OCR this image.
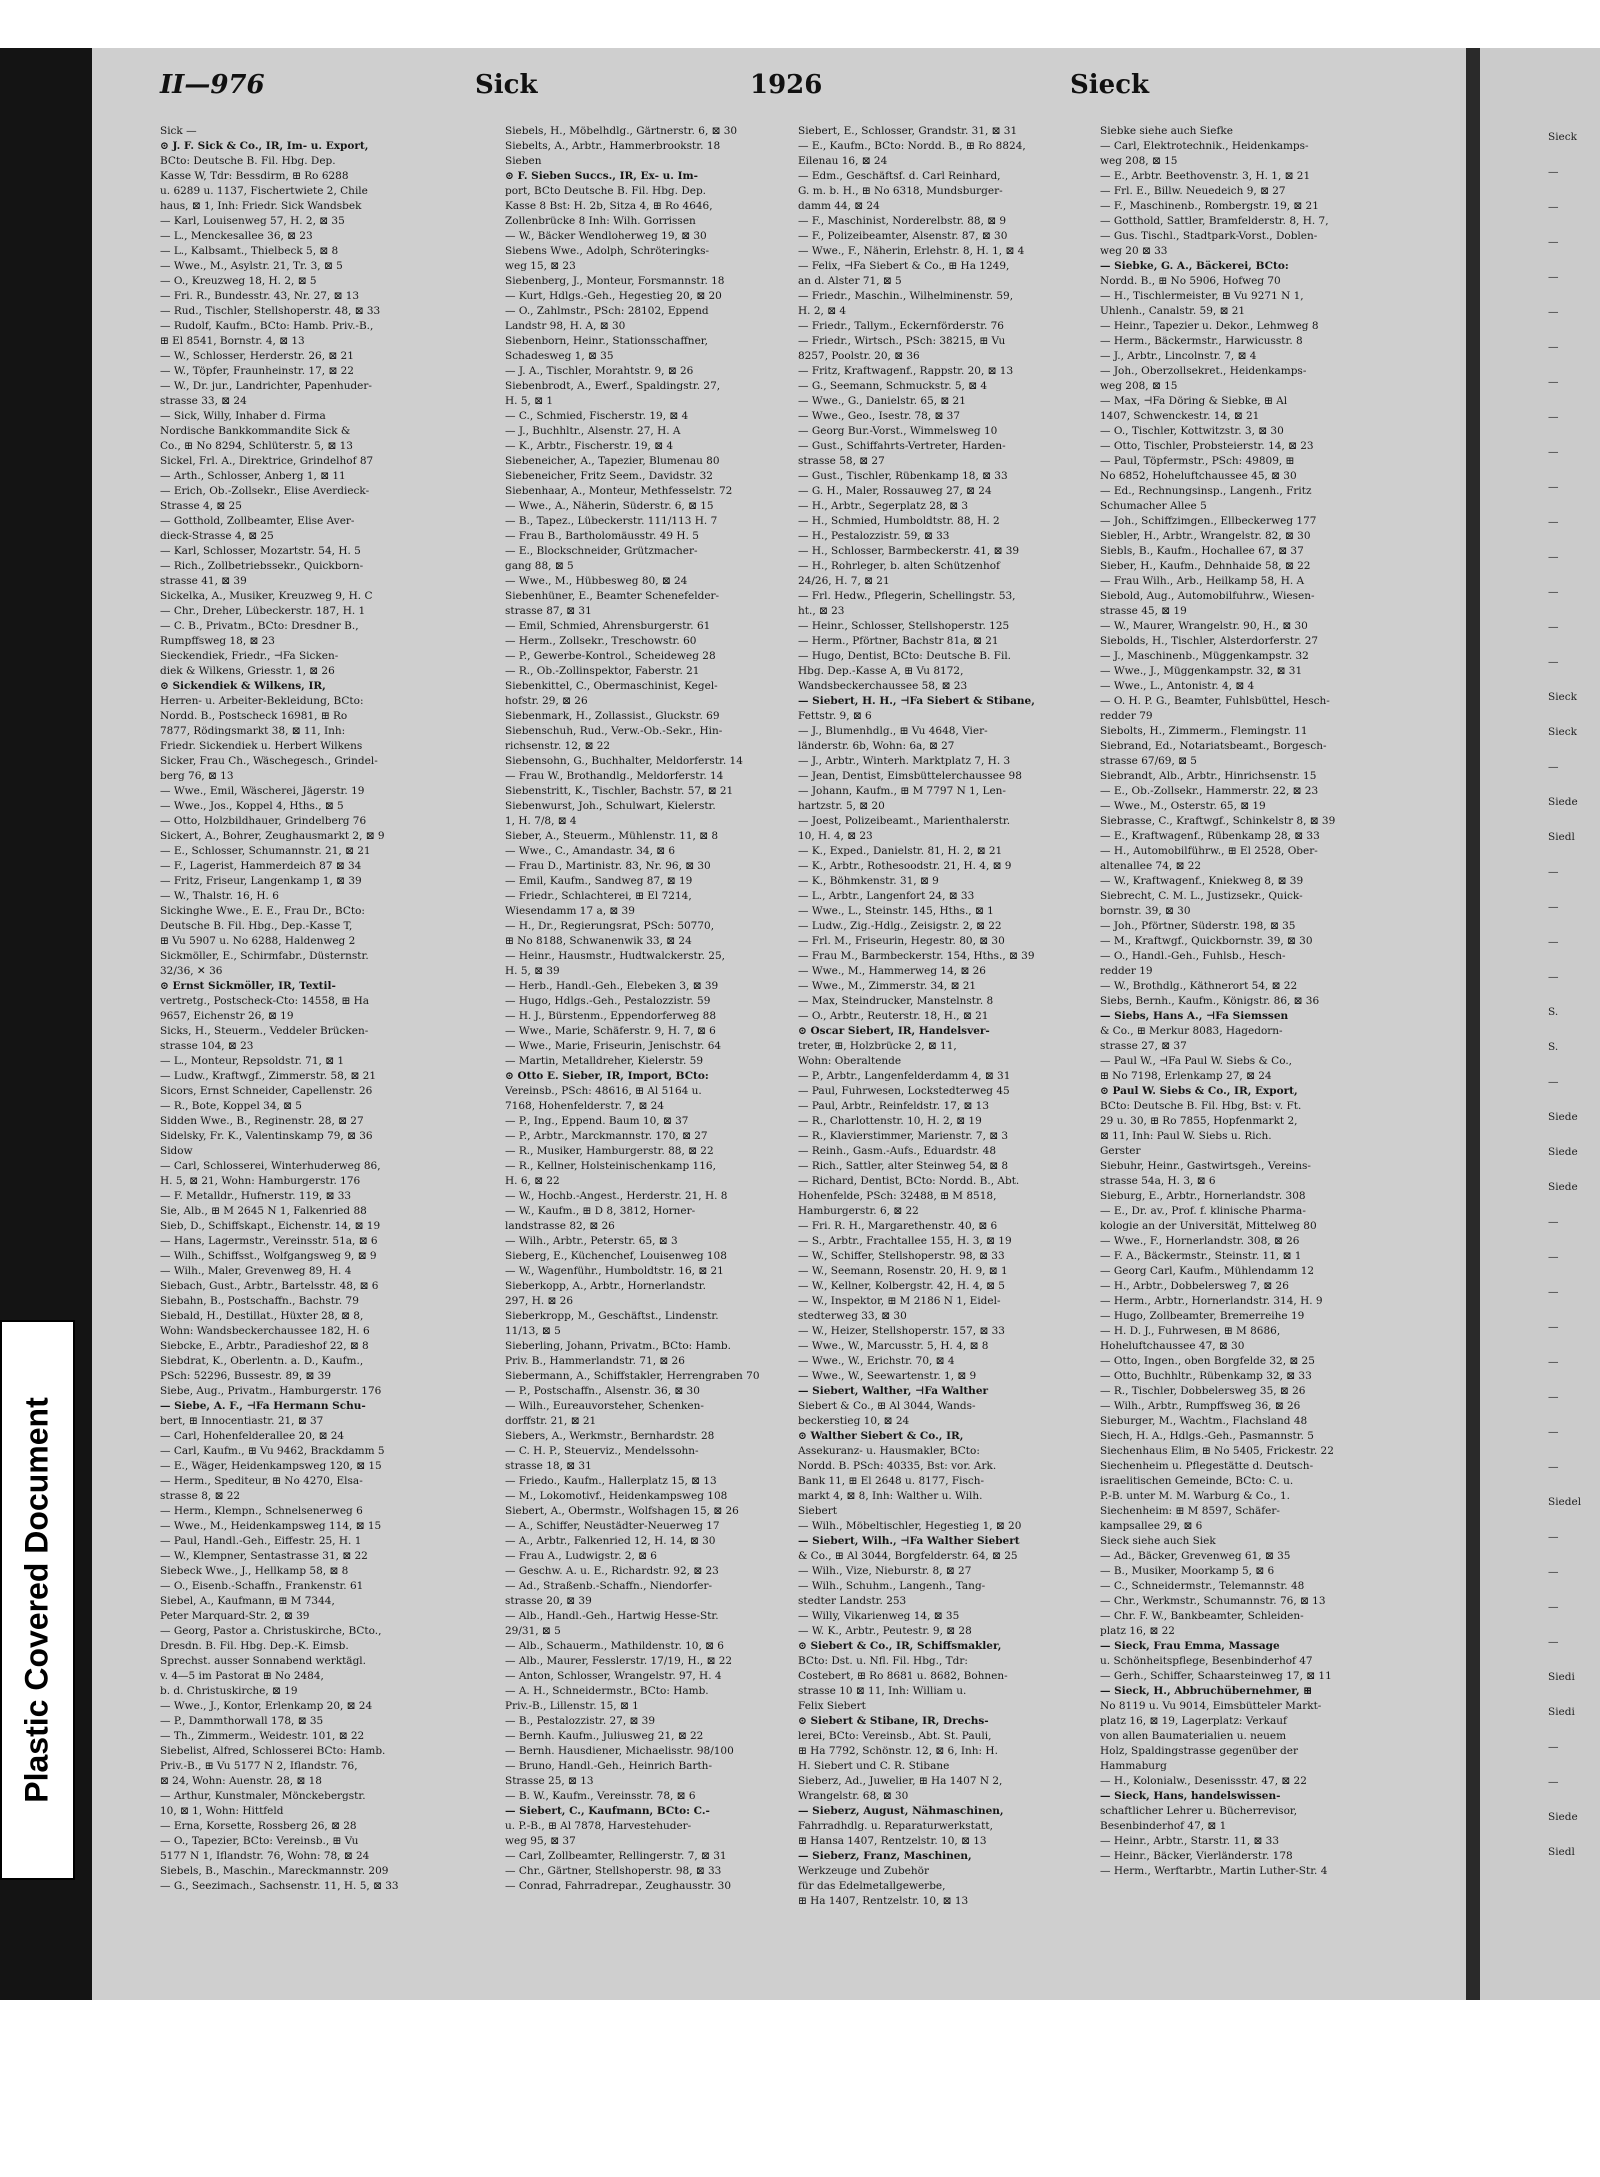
Plastic Covered Document
II—976	Sick	1926	Sieck
Sick —
⊙ J. F. Sick & Co., IR, Im- u. Export,
BCto: Deutsche B. Fil. Hbg. Dep.
Kasse W, Tdr: Bessdirm, ⊞ Ro 6288
u. 6289 u. 1137, Fischertwiete 2, Chile
haus, ⊠ 1, Inh: Friedr. Sick Wandsbek
— Karl, Louisenweg 57, H. 2, ⊠ 35
— L., Menckesallee 36, ⊠ 23
— L., Kalbsamt., Thielbeck 5, ⊠ 8
— Wwe., M., Asylstr. 21, Tr. 3, ⊠ 5
— O., Kreuzweg 18, H. 2, ⊠ 5
— Fri. R., Bundesstr. 43, Nr. 27, ⊠ 13
— Rud., Tischler, Stellshoperstr. 48, ⊠ 33
— Rudolf, Kaufm., BCto: Hamb. Priv.-B.,
⊞ El 8541, Bornstr. 4, ⊠ 13
— W., Schlosser, Herderstr. 26, ⊠ 21
— W., Töpfer, Fraunheinstr. 17, ⊠ 22
— W., Dr. jur., Landrichter, Papenhuder-
strasse 33, ⊠ 24
— Sick, Willy, Inhaber d. Firma
Nordische Bankkommandite Sick &
Co., ⊞ No 8294, Schlüterstr. 5, ⊠ 13
Sickel, Frl. A., Direktrice, Grindelhof 87
— Arth., Schlosser, Anberg 1, ⊠ 11
— Erich, Ob.-Zollsekr., Elise Averdieck-
Strasse 4, ⊠ 25
— Gotthold, Zollbeamter, Elise Aver-
dieck-Strasse 4, ⊠ 25
— Karl, Schlosser, Mozartstr. 54, H. 5
— Rich., Zollbetriebssekr., Quickborn-
strasse 41, ⊠ 39
Sickelka, A., Musiker, Kreuzweg 9, H. C
— Chr., Dreher, Lübeckerstr. 187, H. 1
— C. B., Privatm., BCto: Dresdner B.,
Rumpffsweg 18, ⊠ 23
Sieckendiek, Friedr., ⊣Fa Sicken-
diek & Wilkens, Griesstr. 1, ⊠ 26
⊙ Sickendiek & Wilkens, IR,
Herren- u. Arbeiter-Bekleidung, BCto:
Nordd. B., Postscheck 16981, ⊞ Ro
7877, Rödingsmarkt 38, ⊠ 11, Inh:
Friedr. Sickendiek u. Herbert Wilkens
Sicker, Frau Ch., Wäschegesch., Grindel-
berg 76, ⊠ 13
— Wwe., Emil, Wäscherei, Jägerstr. 19
— Wwe., Jos., Koppel 4, Hths., ⊠ 5
— Otto, Holzbildhauer, Grindelberg 76
Sickert, A., Bohrer, Zeughausmarkt 2, ⊠ 9
— E., Schlosser, Schumannstr. 21, ⊠ 21
— F., Lagerist, Hammerdeich 87 ⊠ 34
— Fritz, Friseur, Langenkamp 1, ⊠ 39
— W., Thalstr. 16, H. 6
Sickinghe Wwe., E. E., Frau Dr., BCto:
Deutsche B. Fil. Hbg., Dep.-Kasse T,
⊞ Vu 5907 u. No 6288, Haldenweg 2
Sickmöller, E., Schirmfabr., Düsternstr.
32/36, ✕ 36
⊙ Ernst Sickmöller, IR, Textil-
vertretg., Postscheck-Cto: 14558, ⊞ Ha
9657, Eichenstr 26, ⊠ 19
Sicks, H., Steuerm., Veddeler Brücken-
strasse 104, ⊠ 23
— L., Monteur, Repsoldstr. 71, ⊠ 1
— Ludw., Kraftwgf., Zimmerstr. 58, ⊠ 21
Sicors, Ernst Schneider, Capellenstr. 26
— R., Bote, Koppel 34, ⊠ 5
Sidden Wwe., B., Reginenstr. 28, ⊠ 27
Sidelsky, Fr. K., Valentinskamp 79, ⊠ 36
Sidow
— Carl, Schlosserei, Winterhuderweg 86,
H. 5, ⊠ 21, Wohn: Hamburgerstr. 176
— F. Metalldr., Hufnerstr. 119, ⊠ 33
Sie, Alb., ⊞ M 2645 N 1, Falkenried 88
Sieb, D., Schiffskapt., Eichenstr. 14, ⊠ 19
— Hans, Lagermstr., Vereinsstr. 51a, ⊠ 6
— Wilh., Schiffsst., Wolfgangsweg 9, ⊠ 9
— Wilh., Maler, Grevenweg 89, H. 4
Siebach, Gust., Arbtr., Bartelsstr. 48, ⊠ 6
Siebahn, B., Postschaffn., Bachstr. 79
Siebald, H., Destillat., Hüxter 28, ⊠ 8,
Wohn: Wandsbeckerchaussee 182, H. 6
Siebcke, E., Arbtr., Paradieshof 22, ⊠ 8
Siebdrat, K., Oberlentn. a. D., Kaufm.,
PSch: 52296, Bussestr. 89, ⊠ 39
Siebe, Aug., Privatm., Hamburgerstr. 176
— Siebe, A. F., ⊣Fa Hermann Schu-
bert, ⊞ Innocentiastr. 21, ⊠ 37
— Carl, Hohenfelderallee 20, ⊠ 24
— Carl, Kaufm., ⊞ Vu 9462, Brackdamm 5
— E., Wäger, Heidenkampsweg 120, ⊠ 15
— Herm., Spediteur, ⊞ No 4270, Elsa-
strasse 8, ⊠ 22
— Herm., Klempn., Schnelsenerweg 6
— Wwe., M., Heidenkampsweg 114, ⊠ 15
— Paul, Handl.-Geh., Eiffestr. 25, H. 1
— W., Klempner, Sentastrasse 31, ⊠ 22
Siebeck Wwe., J., Hellkamp 58, ⊠ 8
— O., Eisenb.-Schaffn., Frankenstr. 61
Siebel, A., Kaufmann, ⊞ M 7344,
Peter Marquard-Str. 2, ⊠ 39
— Georg, Pastor a. Christuskirche, BCto.,
Dresdn. B. Fil. Hbg. Dep.-K. Eimsb.
Sprechst. ausser Sonnabend werktägl.
v. 4—5 im Pastorat ⊞ No 2484,
b. d. Christuskirche, ⊠ 19
— Wwe., J., Kontor, Erlenkamp 20, ⊠ 24
— P., Dammthorwall 178, ⊠ 35
— Th., Zimmerm., Weidestr. 101, ⊠ 22
Siebelist, Alfred, Schlosserei BCto: Hamb.
Priv.-B., ⊞ Vu 5177 N 2, Iflandstr. 76,
⊠ 24, Wohn: Auenstr. 28, ⊠ 18
— Arthur, Kunstmaler, Mönckebergstr.
10, ⊠ 1, Wohn: Hittfeld
— Erna, Korsette, Rossberg 26, ⊠ 28
— O., Tapezier, BCto: Vereinsb., ⊞ Vu
5177 N 1, Iflandstr. 76, Wohn: 78, ⊠ 24
Siebels, B., Maschin., Mareckmannstr. 209
— G., Seezimach., Sachsenstr. 11, H. 5, ⊠ 33
Siebels, H., Möbelhdlg., Gärtnerstr. 6, ⊠ 30
Siebelts, A., Arbtr., Hammerbrookstr. 18
Sieben
⊙ F. Sieben Succs., IR, Ex- u. Im-
port, BCto Deutsche B. Fil. Hbg. Dep.
Kasse 8 Bst: H. 2b, Sitza 4, ⊞ Ro 4646,
Zollenbrücke 8 Inh: Wilh. Gorrissen
— W., Bäcker Wendloherweg 19, ⊠ 30
Siebens Wwe., Adolph, Schröteringks-
weg 15, ⊠ 23
Siebenberg, J., Monteur, Forsmannstr. 18
— Kurt, Hdlgs.-Geh., Hegestieg 20, ⊠ 20
— O., Zahlmstr., PSch: 28102, Eppend
Landstr 98, H. A, ⊠ 30
Siebenborn, Heinr., Stationsschaffner,
Schadesweg 1, ⊠ 35
— J. A., Tischler, Morahtstr. 9, ⊠ 26
Siebenbrodt, A., Ewerf., Spaldingstr. 27,
H. 5, ⊠ 1
— C., Schmied, Fischerstr. 19, ⊠ 4
— J., Buchhltr., Alsenstr. 27, H. A
— K., Arbtr., Fischerstr. 19, ⊠ 4
Siebeneicher, A., Tapezier, Blumenau 80
Siebeneicher, Fritz Seem., Davidstr. 32
Siebenhaar, A., Monteur, Methfesselstr. 72
— Wwe., A., Näherin, Süderstr. 6, ⊠ 15
— B., Tapez., Lübeckerstr. 111/113 H. 7
— Frau B., Bartholomäusstr. 49 H. 5
— E., Blockschneider, Grützmacher-
gang 88, ⊠ 5
— Wwe., M., Hübbesweg 80, ⊠ 24
Siebenhüner, E., Beamter Schenefelder-
strasse 87, ⊠ 31
— Emil, Schmied, Ahrensburgerstr. 61
— Herm., Zollsekr., Treschowstr. 60
— P., Gewerbe-Kontrol., Scheideweg 28
— R., Ob.-Zollinspektor, Faberstr. 21
Siebenkittel, C., Obermaschinist, Kegel-
hofstr. 29, ⊠ 26
Siebenmark, H., Zollassist., Gluckstr. 69
Siebenschuh, Rud., Verw.-Ob.-Sekr., Hin-
richsenstr. 12, ⊠ 22
Siebensohn, G., Buchhalter, Meldorferstr. 14
— Frau W., Brothandlg., Meldorferstr. 14
Siebenstritt, K., Tischler, Bachstr. 57, ⊠ 21
Siebenwurst, Joh., Schulwart, Kielerstr.
1, H. 7/8, ⊠ 4
Sieber, A., Steuerm., Mühlenstr. 11, ⊠ 8
— Wwe., C., Amandastr. 34, ⊠ 6
— Frau D., Martinistr. 83, Nr. 96, ⊠ 30
— Emil, Kaufm., Sandweg 87, ⊠ 19
— Friedr., Schlachterei, ⊞ El 7214,
Wiesendamm 17 a, ⊠ 39
— H., Dr., Regierungsrat, PSch: 50770,
⊞ No 8188, Schwanenwik 33, ⊠ 24
— Heinr., Hausmstr., Hudtwalckerstr. 25,
H. 5, ⊠ 39
— Herb., Handl.-Geh., Elebeken 3, ⊠ 39
— Hugo, Hdlgs.-Geh., Pestalozzistr. 59
— H. J., Bürstenm., Eppendorferweg 88
— Wwe., Marie, Schäferstr. 9, H. 7, ⊠ 6
— Wwe., Marie, Friseurin, Jenischstr. 64
— Martin, Metalldreher, Kielerstr. 59
⊙ Otto E. Sieber, IR, Import, BCto:
Vereinsb., PSch: 48616, ⊞ Al 5164 u.
7168, Hohenfelderstr. 7, ⊠ 24
— P., Ing., Eppend. Baum 10, ⊠ 37
— P., Arbtr., Marckmannstr. 170, ⊠ 27
— R., Musiker, Hamburgerstr. 88, ⊠ 22
— R., Kellner, Holsteinischenkamp 116,
H. 6, ⊠ 22
— W., Hochb.-Angest., Herderstr. 21, H. 8
— W., Kaufm., ⊞ D 8, 3812, Horner-
landstrasse 82, ⊠ 26
— Wilh., Arbtr., Peterstr. 65, ⊠ 3
Sieberg, E., Küchenchef, Louisenweg 108
— W., Wagenführ., Humboldtstr. 16, ⊠ 21
Sieberkopp, A., Arbtr., Hornerlandstr.
297, H. ⊠ 26
Sieberkropp, M., Geschäftst., Lindenstr.
11/13, ⊠ 5
Sieberling, Johann, Privatm., BCto: Hamb.
Priv. B., Hammerlandstr. 71, ⊠ 26
Siebermann, A., Schiffstakler, Herrengraben 70
— P., Postschaffn., Alsenstr. 36, ⊠ 30
— Wilh., Eureauvorsteher, Schenken-
dorffstr. 21, ⊠ 21
Siebers, A., Werkmstr., Bernhardstr. 28
— C. H. P., Steuerviz., Mendelssohn-
strasse 18, ⊠ 31
— Friedo., Kaufm., Hallerplatz 15, ⊠ 13
— M., Lokomotivf., Heidenkampsweg 108
Siebert, A., Obermstr., Wolfshagen 15, ⊠ 26
— A., Schiffer, Neustädter-Neuerweg 17
— A., Arbtr., Falkenried 12, H. 14, ⊠ 30
— Frau A., Ludwigstr. 2, ⊠ 6
— Geschw. A. u. E., Richardstr. 92, ⊠ 23
— Ad., Straßenb.-Schaffn., Niendorfer-
strasse 20, ⊠ 39
— Alb., Handl.-Geh., Hartwig Hesse-Str.
29/31, ⊠ 5
— Alb., Schauerm., Mathildenstr. 10, ⊠ 6
— Alb., Maurer, Fesslerstr. 17/19, H., ⊠ 22
— Anton, Schlosser, Wrangelstr. 97, H. 4
— A. H., Schneidermstr., BCto: Hamb.
Priv.-B., Lillenstr. 15, ⊠ 1
— B., Pestalozzistr. 27, ⊠ 39
— Bernh. Kaufm., Juliusweg 21, ⊠ 22
— Bernh. Hausdiener, Michaelisstr. 98/100
— Bruno, Handl.-Geh., Heinrich Barth-
Strasse 25, ⊠ 13
— B. W., Kaufm., Vereinsstr. 78, ⊠ 6
— Siebert, C., Kaufmann, BCto: C.-
u. P.-B., ⊞ Al 7878, Harvestehuder-
weg 95, ⊠ 37
— Carl, Zollbeamter, Rellingerstr. 7, ⊠ 31
— Chr., Gärtner, Stellshoperstr. 98, ⊠ 33
— Conrad, Fahrradrepar., Zeughausstr. 30
Siebert, E., Schlosser, Grandstr. 31, ⊠ 31
— E., Kaufm., BCto: Nordd. B., ⊞ Ro 8824,
Eilenau 16, ⊠ 24
— Edm., Geschäftsf. d. Carl Reinhard,
G. m. b. H., ⊞ No 6318, Mundsburger-
damm 44, ⊠ 24
— F., Maschinist, Norderelbstr. 88, ⊠ 9
— F., Polizeibeamter, Alsenstr. 87, ⊠ 30
— Wwe., F., Näherin, Erlehstr. 8, H. 1, ⊠ 4
— Felix, ⊣Fa Siebert & Co., ⊞ Ha 1249,
an d. Alster 71, ⊠ 5
— Friedr., Maschin., Wilhelminenstr. 59,
H. 2, ⊠ 4
— Friedr., Tallym., Eckernförderstr. 76
— Friedr., Wirtsch., PSch: 38215, ⊞ Vu
8257, Poolstr. 20, ⊠ 36
— Fritz, Kraftwagenf., Rappstr. 20, ⊠ 13
— G., Seemann, Schmuckstr. 5, ⊠ 4
— Wwe., G., Danielstr. 65, ⊠ 21
— Wwe., Geo., Isestr. 78, ⊠ 37
— Georg Bur.-Vorst., Wimmelsweg 10
— Gust., Schiffahrts-Vertreter, Harden-
strasse 58, ⊠ 27
— Gust., Tischler, Rübenkamp 18, ⊠ 33
— G. H., Maler, Rossauweg 27, ⊠ 24
— H., Arbtr., Segerplatz 28, ⊠ 3
— H., Schmied, Humboldtstr. 88, H. 2
— H., Pestalozzistr. 59, ⊠ 33
— H., Schlosser, Barmbeckerstr. 41, ⊠ 39
— H., Rohrleger, b. alten Schützenhof
24/26, H. 7, ⊠ 21
— Frl. Hedw., Pflegerin, Schellingstr. 53,
ht., ⊠ 23
— Heinr., Schlosser, Stellshoperstr. 125
— Herm., Pförtner, Bachstr 81a, ⊠ 21
— Hugo, Dentist, BCto: Deutsche B. Fil.
Hbg. Dep.-Kasse A, ⊞ Vu 8172,
Wandsbeckerchaussee 58, ⊠ 23
— Siebert, H. H., ⊣Fa Siebert & Stibane,
Fettstr. 9, ⊠ 6
— J., Blumenhdlg., ⊞ Vu 4648, Vier-
länderstr. 6b, Wohn: 6a, ⊠ 27
— J., Arbtr., Winterh. Marktplatz 7, H. 3
— Jean, Dentist, Eimsbüttelerchaussee 98
— Johann, Kaufm., ⊞ M 7797 N 1, Len-
hartzstr. 5, ⊠ 20
— Joest, Polizeibeamt., Marienthalerstr.
10, H. 4, ⊠ 23
— K., Exped., Danielstr. 81, H. 2, ⊠ 21
— K., Arbtr., Rothesoodstr. 21, H. 4, ⊠ 9
— K., Böhmkenstr. 31, ⊠ 9
— L., Arbtr., Langenfort 24, ⊠ 33
— Wwe., L., Steinstr. 145, Hths., ⊠ 1
— Ludw., Zig.-Hdlg., Zeisigstr. 2, ⊠ 22
— Frl. M., Friseurin, Hegestr. 80, ⊠ 30
— Frau M., Barmbeckerstr. 154, Hths., ⊠ 39
— Wwe., M., Hammerweg 14, ⊠ 26
— Wwe., M., Zimmerstr. 34, ⊠ 21
— Max, Steindrucker, Manstelnstr. 8
— O., Arbtr., Reuterstr. 18, H., ⊠ 21
⊙ Oscar Siebert, IR, Handelsver-
treter, ⊞, Holzbrücke 2, ⊠ 11,
Wohn: Oberaltende
— P., Arbtr., Langenfelderdamm 4, ⊠ 31
— Paul, Fuhrwesen, Lockstedterweg 45
— Paul, Arbtr., Reinfeldstr. 17, ⊠ 13
— R., Charlottenstr. 10, H. 2, ⊠ 19
— R., Klavierstimmer, Marienstr. 7, ⊠ 3
— Reinh., Gasm.-Aufs., Eduardstr. 48
— Rich., Sattler, alter Steinweg 54, ⊠ 8
— Richard, Dentist, BCto: Nordd. B., Abt.
Hohenfelde, PSch: 32488, ⊞ M 8518,
Hamburgerstr. 6, ⊠ 22
— Fri. R. H., Margarethenstr. 40, ⊠ 6
— S., Arbtr., Frachtallee 155, H. 3, ⊠ 19
— W., Schiffer, Stellshoperstr. 98, ⊠ 33
— W., Seemann, Rosenstr. 20, H. 9, ⊠ 1
— W., Kellner, Kolbergstr. 42, H. 4, ⊠ 5
— W., Inspektor, ⊞ M 2186 N 1, Eidel-
stedterweg 33, ⊠ 30
— W., Heizer, Stellshoperstr. 157, ⊠ 33
— Wwe., W., Marcusstr. 5, H. 4, ⊠ 8
— Wwe., W., Erichstr. 70, ⊠ 4
— Wwe., W., Seewartenstr. 1, ⊠ 9
— Siebert, Walther, ⊣Fa Walther
Siebert & Co., ⊞ Al 3044, Wands-
beckerstieg 10, ⊠ 24
⊙ Walther Siebert & Co., IR,
Assekuranz- u. Hausmakler, BCto:
Nordd. B. PSch: 40335, Bst: vor. Ark.
Bank 11, ⊞ El 2648 u. 8177, Fisch-
markt 4, ⊠ 8, Inh: Walther u. Wilh.
Siebert
— Wilh., Möbeltischler, Hegestieg 1, ⊠ 20
— Siebert, Wilh., ⊣Fa Walther Siebert
& Co., ⊞ Al 3044, Borgfelderstr. 64, ⊠ 25
— Wilh., Vize, Nieburstr. 8, ⊠ 27
— Wilh., Schuhm., Langenh., Tang-
stedter Landstr. 253
— Willy, Vikarienweg 14, ⊠ 35
— W. K., Arbtr., Peutestr. 9, ⊠ 28
⊙ Siebert & Co., IR, Schiffsmakler,
BCto: Dst. u. Nfl. Fil. Hbg., Tdr:
Costebert, ⊞ Ro 8681 u. 8682, Bohnen-
strasse 10 ⊠ 11, Inh: William u.
Felix Siebert
⊙ Siebert & Stibane, IR, Drechs-
lerei, BCto: Vereinsb., Abt. St. Pauli,
⊞ Ha 7792, Schönstr. 12, ⊠ 6, Inh: H.
H. Siebert und C. R. Stibane
Sieberz, Ad., Juwelier, ⊞ Ha 1407 N 2,
Wrangelstr. 68, ⊠ 30
— Sieberz, August, Nähmaschinen,
Fahrradhdlg. u. Reparaturwerkstatt,
⊞ Hansa 1407, Rentzelstr. 10, ⊠ 13
— Sieberz, Franz, Maschinen,
Werkzeuge und Zubehör
für das Edelmetallgewerbe,
⊞ Ha 1407, Rentzelstr. 10, ⊠ 13
Siebke siehe auch Siefke
— Carl, Elektrotechnik., Heidenkamps-
weg 208, ⊠ 15
— E., Arbtr. Beethovenstr. 3, H. 1, ⊠ 21
— Frl. E., Billw. Neuedeich 9, ⊠ 27
— F., Maschinenb., Rombergstr. 19, ⊠ 21
— Gotthold, Sattler, Bramfelderstr. 8, H. 7,
— Gus. Tischl., Stadtpark-Vorst., Doblen-
weg 20 ⊠ 33
— Siebke, G. A., Bäckerei, BCto:
Nordd. B., ⊞ No 5906, Hofweg 70
— H., Tischlermeister, ⊞ Vu 9271 N 1,
Uhlenh., Canalstr. 59, ⊠ 21
— Heinr., Tapezier u. Dekor., Lehmweg 8
— Herm., Bäckermstr., Harwicusstr. 8
— J., Arbtr., Lincolnstr. 7, ⊠ 4
— Joh., Oberzollsekret., Heidenkamps-
weg 208, ⊠ 15
— Max, ⊣Fa Döring & Siebke, ⊞ Al
1407, Schwenckestr. 14, ⊠ 21
— O., Tischler, Kottwitzstr. 3, ⊠ 30
— Otto, Tischler, Probsteierstr. 14, ⊠ 23
— Paul, Töpfermstr., PSch: 49809, ⊞
No 6852, Hoheluftchaussee 45, ⊠ 30
— Ed., Rechnungsinsp., Langenh., Fritz
Schumacher Allee 5
— Joh., Schiffzimgen., Ellbeckerweg 177
Siebler, H., Arbtr., Wrangelstr. 82, ⊠ 30
Siebls, B., Kaufm., Hochallee 67, ⊠ 37
Sieber, H., Kaufm., Dehnhaide 58, ⊠ 22
— Frau Wilh., Arb., Heilkamp 58, H. A
Siebold, Aug., Automobilfuhrw., Wiesen-
strasse 45, ⊠ 19
— W., Maurer, Wrangelstr. 90, H., ⊠ 30
Siebolds, H., Tischler, Alsterdorferstr. 27
— J., Maschinenb., Müggenkampstr. 32
— Wwe., J., Müggenkampstr. 32, ⊠ 31
— Wwe., L., Antonistr. 4, ⊠ 4
— O. H. P. G., Beamter, Fuhlsbüttel, Hesch-
redder 79
Siebolts, H., Zimmerm., Flemingstr. 11
Siebrand, Ed., Notariatsbeamt., Borgesch-
strasse 67/69, ⊠ 5
Siebrandt, Alb., Arbtr., Hinrichsenstr. 15
— E., Ob.-Zollsekr., Hammerstr. 22, ⊠ 23
— Wwe., M., Osterstr. 65, ⊠ 19
Siebrasse, C., Kraftwgf., Schinkelstr 8, ⊠ 39
— E., Kraftwagenf., Rübenkamp 28, ⊠ 33
— H., Automobilführw., ⊞ El 2528, Ober-
altenallee 74, ⊠ 22
— W., Kraftwagenf., Kniekweg 8, ⊠ 39
Siebrecht, C. M. L., Justizsekr., Quick-
bornstr. 39, ⊠ 30
— Joh., Pförtner, Süderstr. 198, ⊠ 35
— M., Kraftwgf., Quickbornstr. 39, ⊠ 30
— O., Handl.-Geh., Fuhlsb., Hesch-
redder 19
— W., Brothdlg., Käthnerort 54, ⊠ 22
Siebs, Bernh., Kaufm., Königstr. 86, ⊠ 36
— Siebs, Hans A., ⊣Fa Siemssen
& Co., ⊞ Merkur 8083, Hagedorn-
strasse 27, ⊠ 37
— Paul W., ⊣Fa Paul W. Siebs & Co.,
⊞ No 7198, Erlenkamp 27, ⊠ 24
⊙ Paul W. Siebs & Co., IR, Export,
BCto: Deutsche B. Fil. Hbg, Bst: v. Ft.
29 u. 30, ⊞ Ro 7855, Hopfenmarkt 2,
⊠ 11, Inh: Paul W. Siebs u. Rich.
Gerster
Siebuhr, Heinr., Gastwirtsgeh., Vereins-
strasse 54a, H. 3, ⊠ 6
Sieburg, E., Arbtr., Hornerlandstr. 308
— E., Dr. av., Prof. f. klinische Pharma-
kologie an der Universität, Mittelweg 80
— Wwe., F., Hornerlandstr. 308, ⊠ 26
— F. A., Bäckermstr., Steinstr. 11, ⊠ 1
— Georg Carl, Kaufm., Mühlendamm 12
— H., Arbtr., Dobbelersweg 7, ⊠ 26
— Herm., Arbtr., Hornerlandstr. 314, H. 9
— Hugo, Zollbeamter, Bremerreihe 19
— H. D. J., Fuhrwesen, ⊞ M 8686,
Hoheluftchaussee 47, ⊠ 30
— Otto, Ingen., oben Borgfelde 32, ⊠ 25
— Otto, Buchhltr., Rübenkamp 32, ⊠ 33
— R., Tischler, Dobbelersweg 35, ⊠ 26
— Wilh., Arbtr., Rumpffsweg 36, ⊠ 26
Sieburger, M., Wachtm., Flachsland 48
Siech, H. A., Hdlgs.-Geh., Pasmannstr. 5
Siechenhaus Elim, ⊞ No 5405, Frickestr. 22
Siechenheim u. Pflegestätte d. Deutsch-
israelitischen Gemeinde, BCto: C. u.
P.-B. unter M. M. Warburg & Co., 1.
Siechenheim: ⊞ M 8597, Schäfer-
kampsallee 29, ⊠ 6
Sieck siehe auch Siek
— Ad., Bäcker, Grevenweg 61, ⊠ 35
— B., Musiker, Moorkamp 5, ⊠ 6
— C., Schneidermstr., Telemannstr. 48
— Chr., Werkmstr., Schumannstr. 76, ⊠ 13
— Chr. F. W., Bankbeamter, Schleiden-
platz 16, ⊠ 22
— Sieck, Frau Emma, Massage
u. Schönheitspflege, Besenbinderhof 47
— Gerh., Schiffer, Schaarsteinweg 17, ⊠ 11
— Sieck, H., Abbruchübernehmer, ⊞
No 8119 u. Vu 9014, Eimsbütteler Markt-
platz 16, ⊠ 19, Lagerplatz: Verkauf
von allen Baumaterialien u. neuem
Holz, Spaldingstrasse gegenüber der
Hammaburg
— H., Kolonialw., Desenissstr. 47, ⊠ 22
— Sieck, Hans, handelswissen-
schaftlicher Lehrer u. Bücherrevisor,
Besenbinderhof 47, ⊠ 1
— Heinr., Arbtr., Starstr. 11, ⊠ 33
— Heinr., Bäcker, Vierländerstr. 178
— Herm., Werftarbtr., Martin Luther-Str. 4
Sieck
—
—
—
—
—
—
—
—
—
—
—
—
—
—
—
Sieck
Sieck
—
Siede
Siedl
—
—
—
—
S.
S.
—
Siede
Siede
Siede
—
—
—
—
—
—
—
—
Siedel
—
—
—
—
Siedi
Siedi
—
—
Siede
Siedl
